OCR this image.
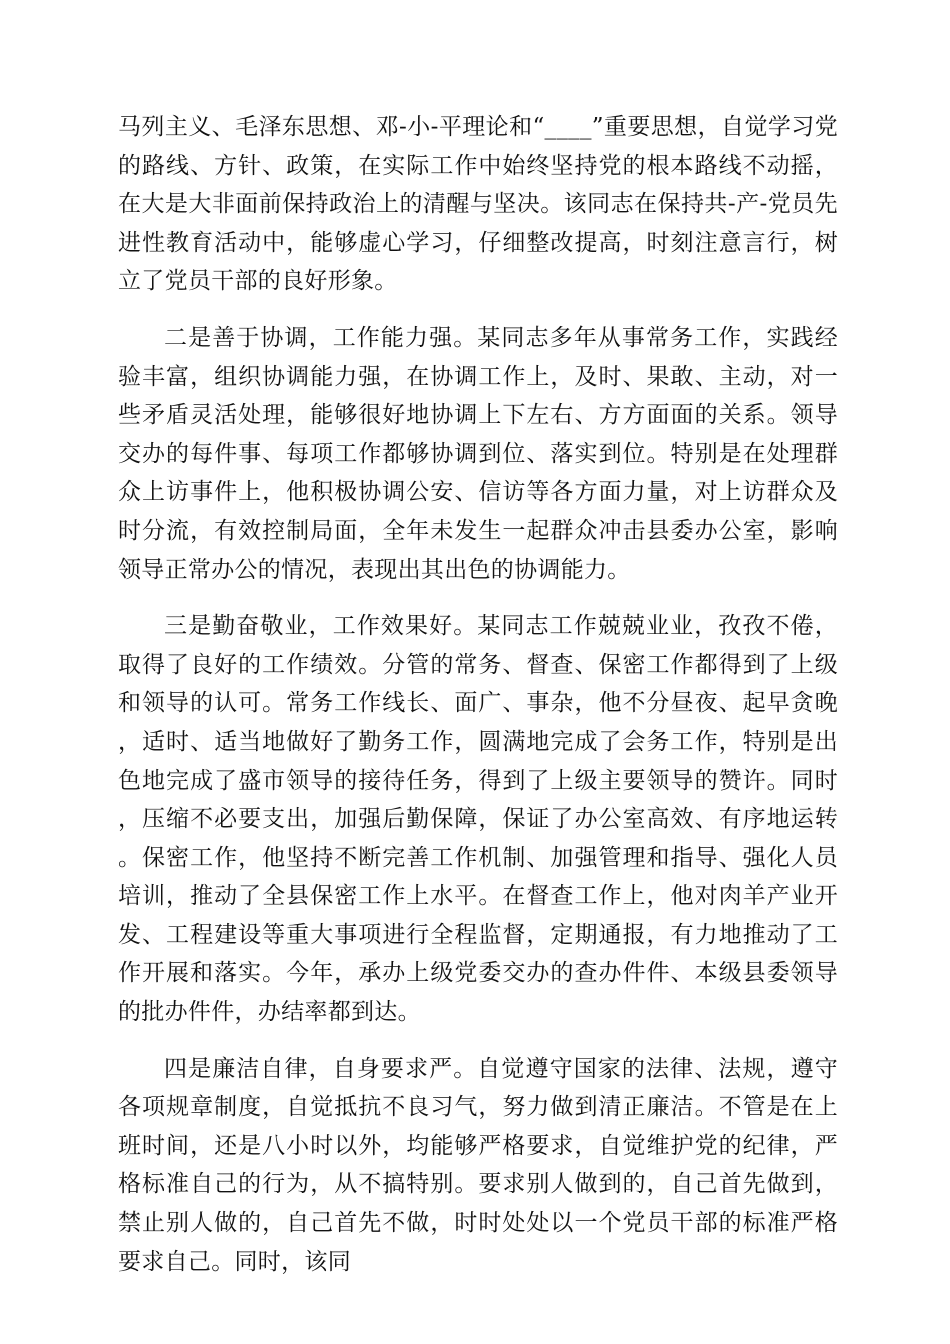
马列主义、毛泽东思想、邓-小-平理论和“____”重要思想，自觉学习党的路线、方针、政策，在实际工作中始终坚持党的根本路线不动摇，在大是大非面前保持政治上的清醒与坚决。该同志在保持共-产-党员先进性教育活动中，能够虚心学习，仔细整改提高，时刻注意言行，树立了党员干部的良好形象。

二是善于协调，工作能力强。某同志多年从事常务工作，实践经验丰富，组织协调能力强，在协调工作上，及时、果敢、主动，对一些矛盾灵活处理，能够很好地协调上下左右、方方面面的关系。领导交办的每件事、每项工作都够协调到位、落实到位。特别是在处理群众上访事件上，他积极协调公安、信访等各方面力量，对上访群众及时分流，有效控制局面，全年未发生一起群众冲击县委办公室，影响领导正常办公的情况，表现出其出色的协调能力。

三是勤奋敬业，工作效果好。某同志工作兢兢业业，孜孜不倦，取得了良好的工作绩效。分管的常务、督查、保密工作都得到了上级和领导的认可。常务工作线长、面广、事杂，他不分昼夜、起早贪晚，适时、适当地做好了勤务工作，圆满地完成了会务工作，特别是出色地完成了盛市领导的接待任务，得到了上级主要领导的赞许。同时，压缩不必要支出，加强后勤保障，保证了办公室高效、有序地运转。保密工作，他坚持不断完善工作机制、加强管理和指导、强化人员培训，推动了全县保密工作上水平。在督查工作上，他对肉羊产业开发、工程建设等重大事项进行全程监督，定期通报，有力地推动了工作开展和落实。今年，承办上级党委交办的查办件件、本级县委领导的批办件件，办结率都到达。

四是廉洁自律，自身要求严。自觉遵守国家的法律、法规，遵守各项规章制度，自觉抵抗不良习气，努力做到清正廉洁。不管是在上班时间，还是八小时以外，均能够严格要求，自觉维护党的纪律，严格标准自己的行为，从不搞特别。要求别人做到的，自己首先做到，禁止别人做的，自己首先不做，时时处处以一个党员干部的标准严格要求自己。同时，该同
